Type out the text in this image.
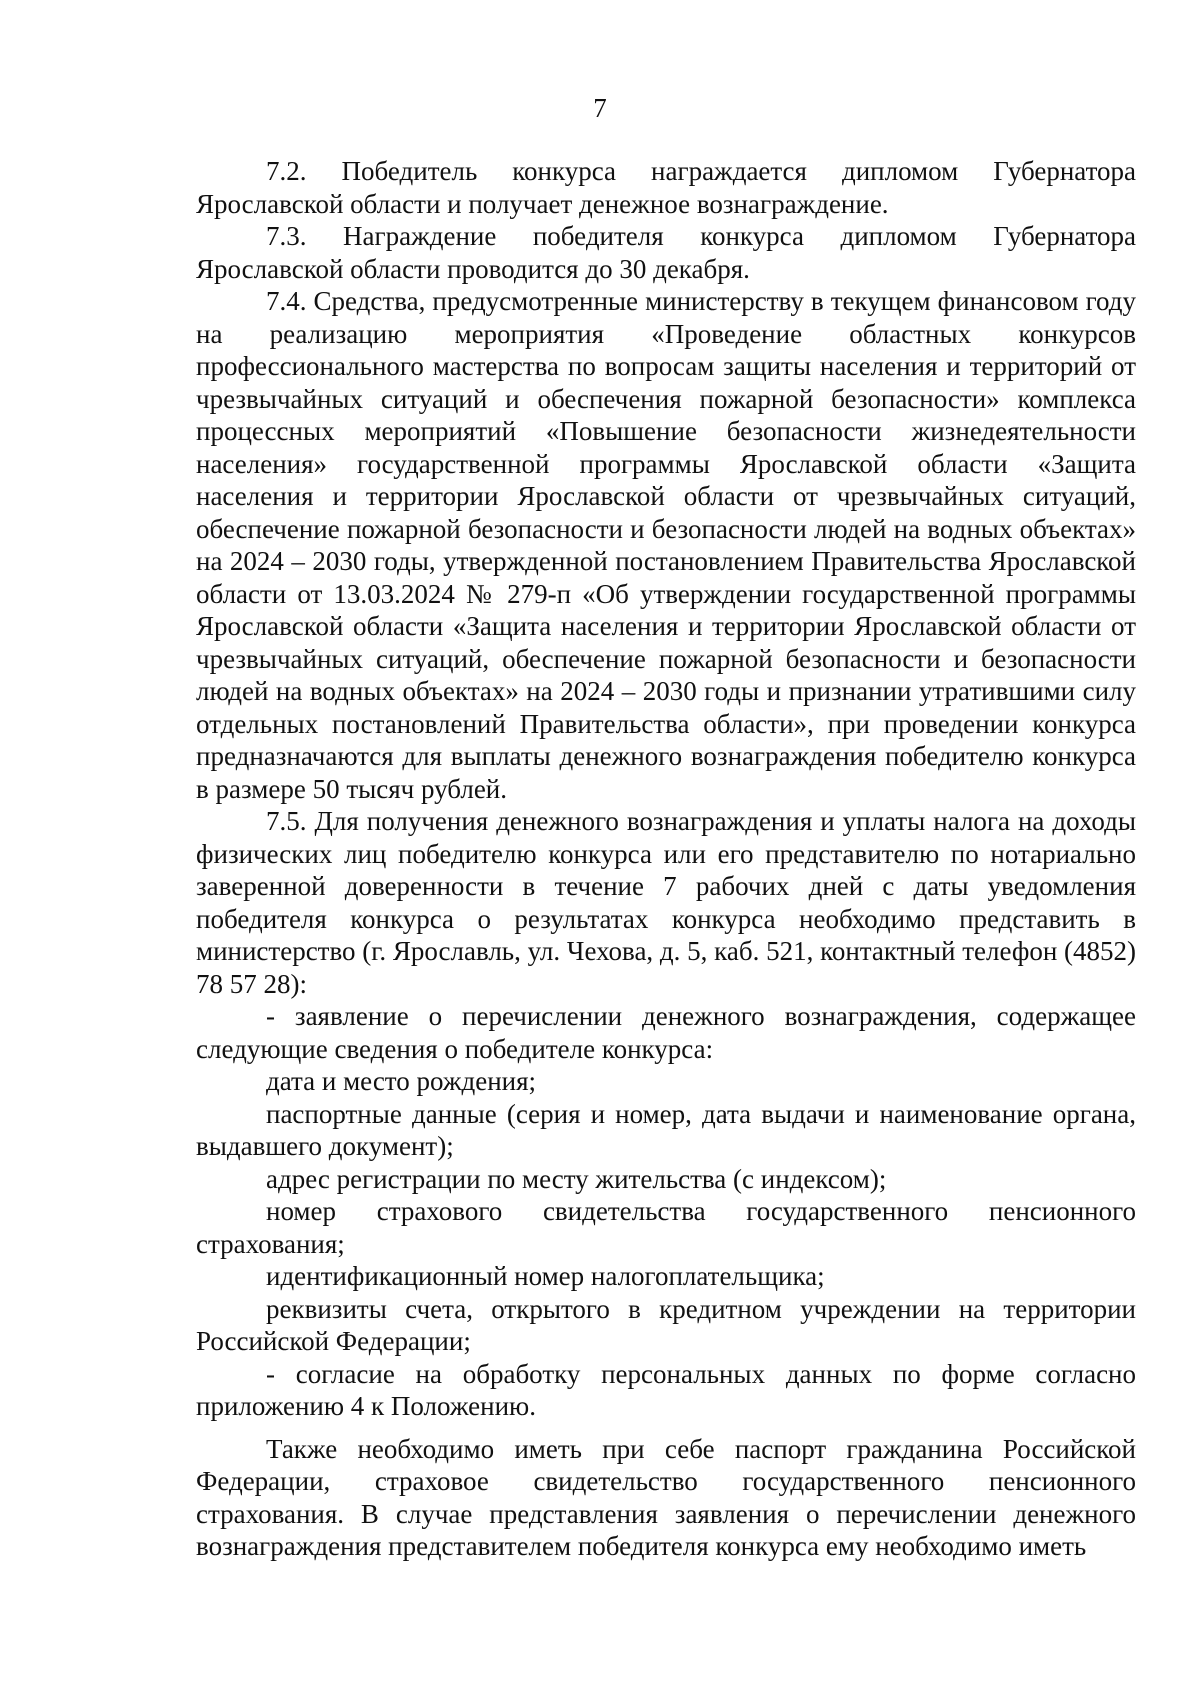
7

7.2. Победитель конкурса награждается дипломом Губернатора Ярославской области и получает денежное вознаграждение.

7.3. Награждение победителя конкурса дипломом Губернатора Ярославской области проводится до 30 декабря.

7.4. Средства, предусмотренные министерству в текущем финансовом году на реализацию мероприятия «Проведение областных конкурсов профессионального мастерства по вопросам защиты населения и территорий от чрезвычайных ситуаций и обеспечения пожарной безопасности» комплекса процессных мероприятий «Повышение безопасности жизнедеятельности населения» государственной программы Ярославской области «Защита населения и территории Ярославской области от чрезвычайных ситуаций, обеспечение пожарной безопасности и безопасности людей на водных объектах» на 2024 – 2030 годы, утвержденной постановлением Правительства Ярославской области от 13.03.2024 № 279-п «Об утверждении государственной программы Ярославской области «Защита населения и территории Ярославской области от чрезвычайных ситуаций, обеспечение пожарной безопасности и безопасности людей на водных объектах» на 2024 – 2030 годы и признании утратившими силу отдельных постановлений Правительства области», при проведении конкурса предназначаются для выплаты денежного вознаграждения победителю конкурса в размере 50 тысяч рублей.

7.5. Для получения денежного вознаграждения и уплаты налога на доходы физических лиц победителю конкурса или его представителю по нотариально заверенной доверенности в течение 7 рабочих дней с даты уведомления победителя конкурса о результатах конкурса необходимо представить в министерство (г. Ярославль, ул. Чехова, д. 5, каб. 521, контактный телефон (4852) 78 57 28):

- заявление о перечислении денежного вознаграждения, содержащее следующие сведения о победителе конкурса:

дата и место рождения;

паспортные данные (серия и номер, дата выдачи и наименование органа, выдавшего документ);

адрес регистрации по месту жительства (с индексом);

номер страхового свидетельства государственного пенсионного страхования;

идентификационный номер налогоплательщика;

реквизиты счета, открытого в кредитном учреждении на территории Российской Федерации;

- согласие на обработку персональных данных по форме согласно приложению 4 к Положению.

Также необходимо иметь при себе паспорт гражданина Российской Федерации, страховое свидетельство государственного пенсионного страхования. В случае представления заявления о перечислении денежного вознаграждения представителем победителя конкурса ему необходимо иметь
